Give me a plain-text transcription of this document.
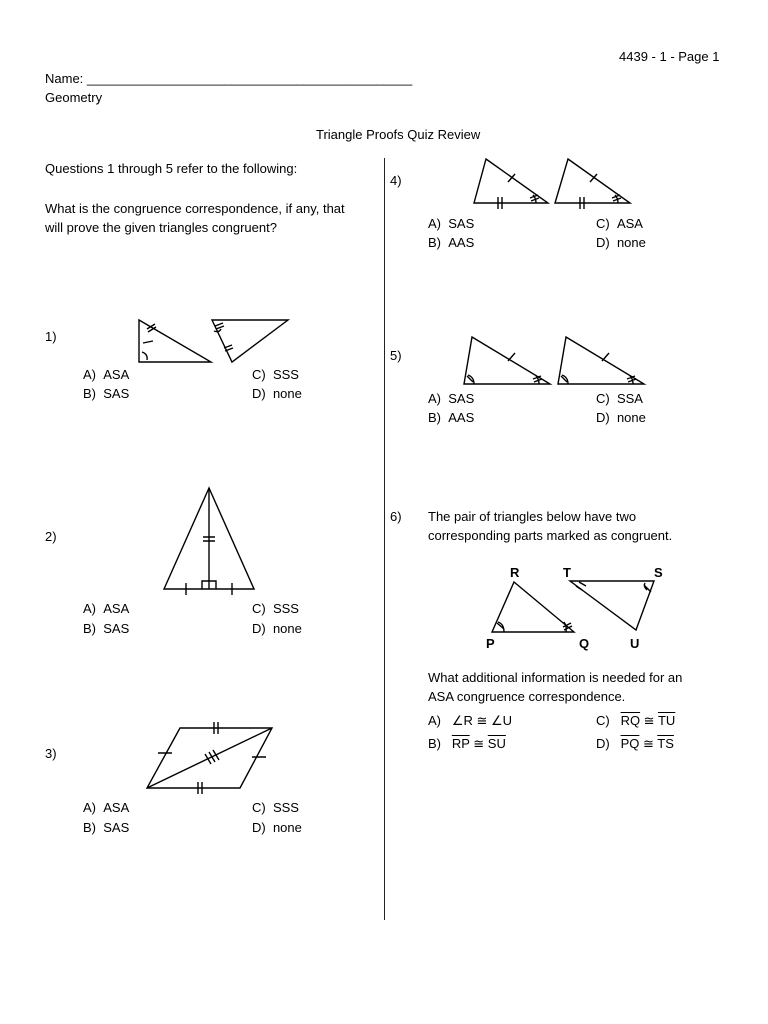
4439 - 1 - Page 1
Name: _____________________________________________
Geometry
Triangle Proofs Quiz Review
Questions 1 through 5 refer to the following:
What is the congruence correspondence, if any, that
will prove the given triangles congruent?
1)
A) ASA	C) SSS
B) SAS	D) none
2)
A) ASA	C) SSS
B) SAS	D) none
3)
A) ASA	C) SSS
B) SAS	D) none
4)
A) SAS	C) ASA
B) AAS	D) none
5)
A) SAS	C) SSA
B) AAS	D) none
6) The pair of triangles below have two
corresponding parts marked as congruent.
R	T	S
P	Q	U
What additional information is needed for an
ASA congruence correspondence.
A) ∠R ≅ ∠U	C) $\overline{RQ}$ ≅ $\overline{TU}$
B) $\overline{RP}$ ≅ $\overline{SU}$	D) $\overline{PQ}$ ≅ $\overline{TS}$
